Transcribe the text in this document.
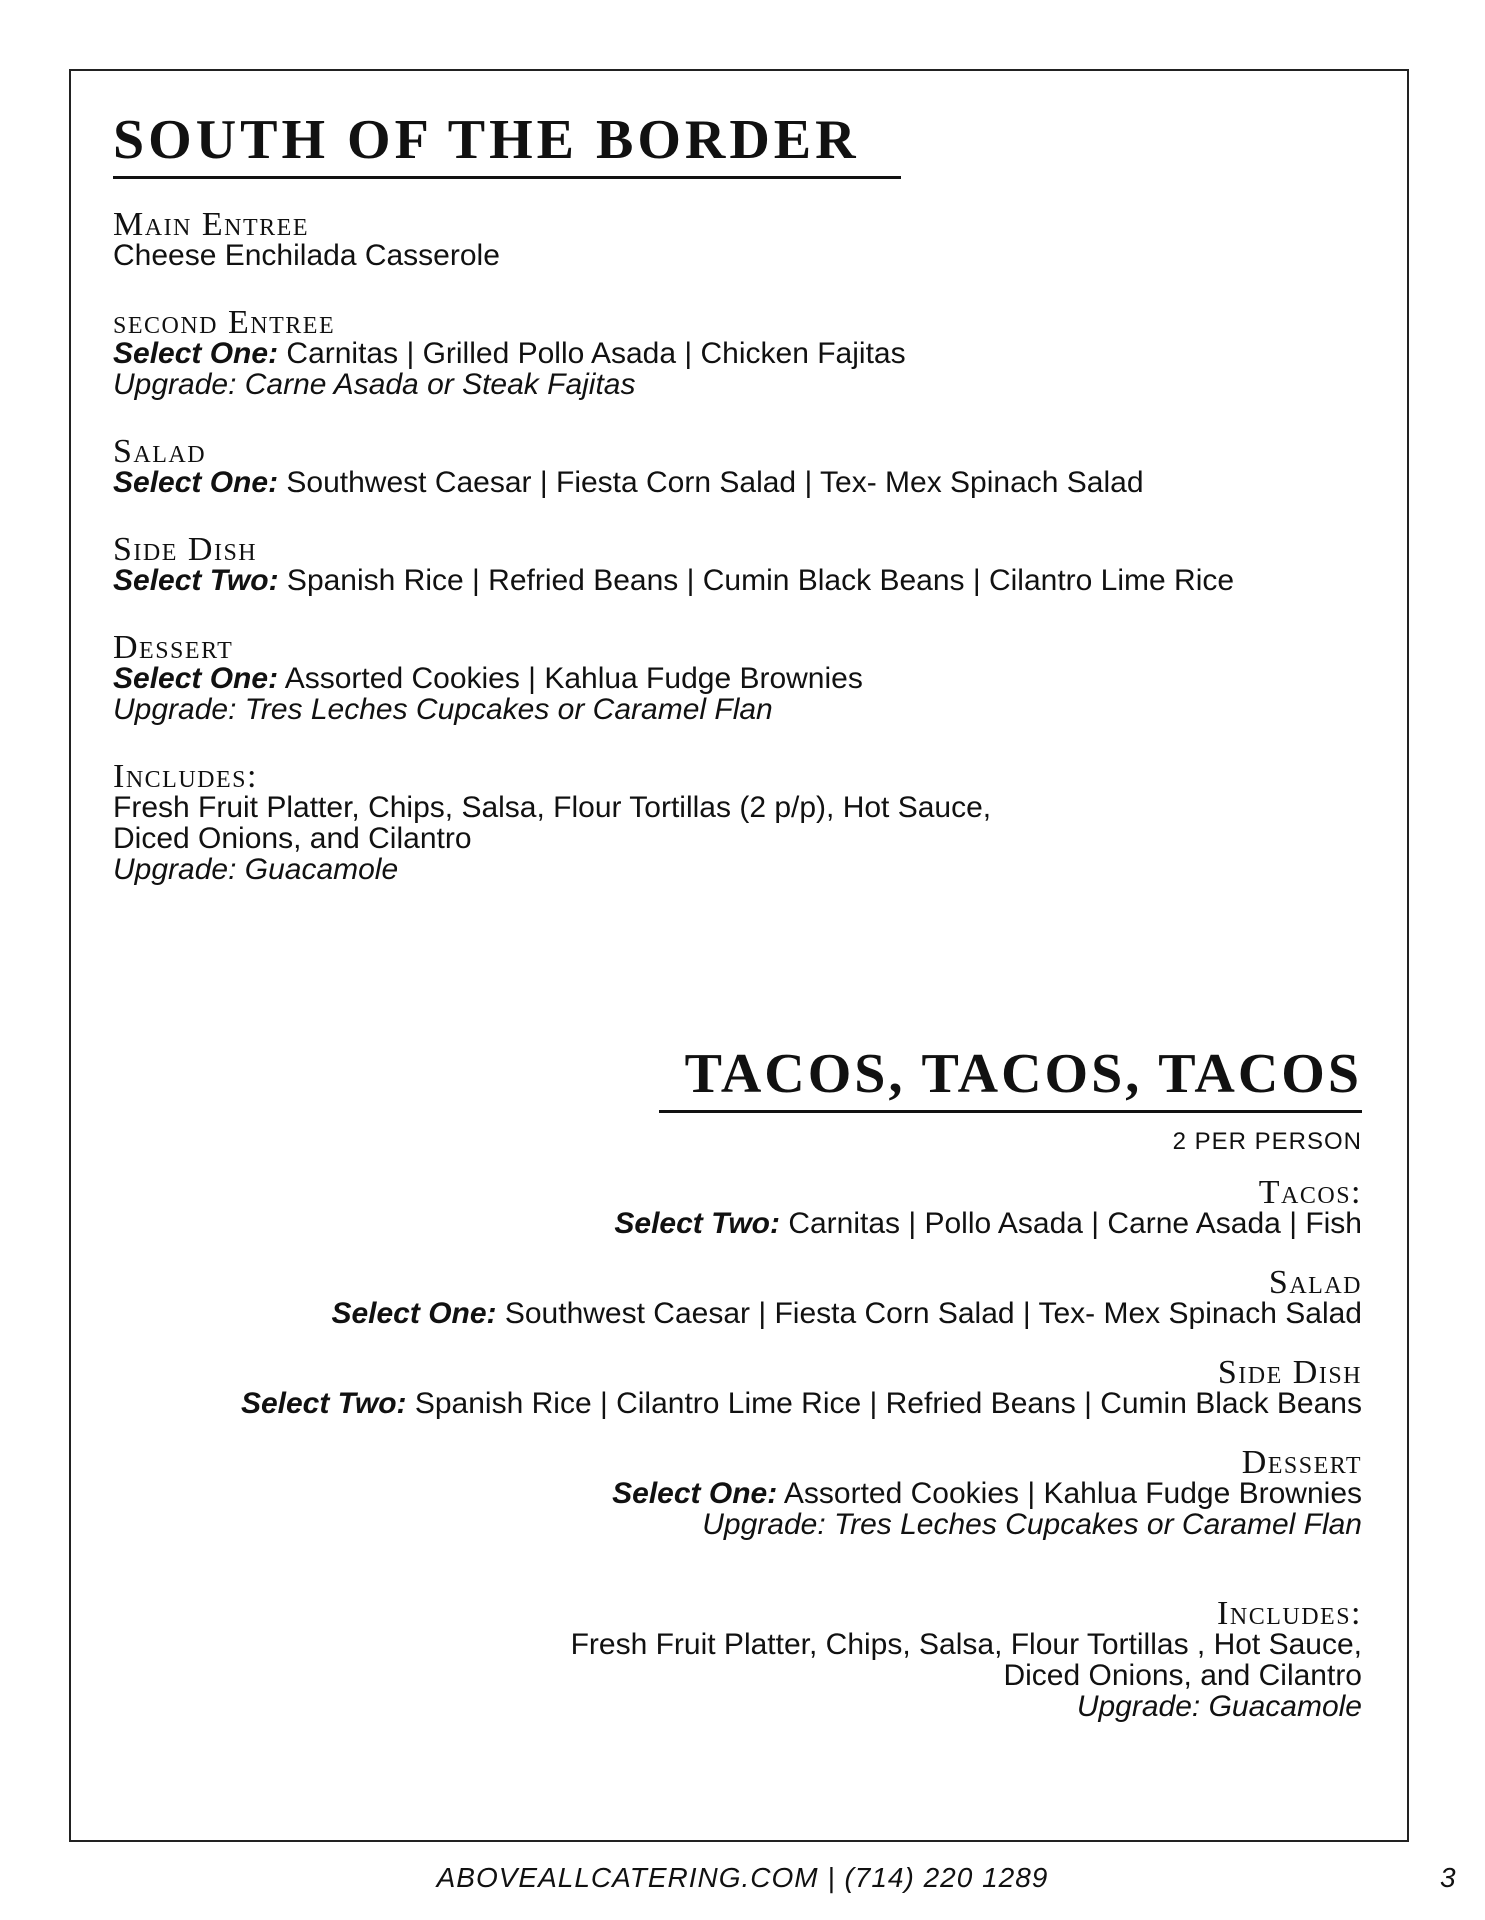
SOUTH OF THE BORDER
Main Entree
Cheese Enchilada Casserole
second Entree
Select One: Carnitas | Grilled Pollo Asada | Chicken Fajitas
Upgrade: Carne Asada or Steak Fajitas
Salad
Select One: Southwest Caesar | Fiesta Corn Salad | Tex- Mex Spinach Salad
Side Dish
Select Two: Spanish Rice | Refried Beans | Cumin Black Beans | Cilantro Lime Rice
Dessert
Select One: Assorted Cookies | Kahlua Fudge Brownies
Upgrade: Tres Leches Cupcakes or Caramel Flan
Includes:
Fresh Fruit Platter, Chips, Salsa, Flour Tortillas (2 p/p), Hot Sauce,
Diced Onions, and Cilantro
Upgrade: Guacamole
TACOS, TACOS, TACOS
2 PER PERSON
Tacos:
Select Two: Carnitas | Pollo Asada | Carne Asada | Fish
Salad
Select One: Southwest Caesar | Fiesta Corn Salad | Tex- Mex Spinach Salad
Side Dish
Select Two: Spanish Rice | Cilantro Lime Rice | Refried Beans | Cumin Black Beans
Dessert
Select One: Assorted Cookies | Kahlua Fudge Brownies
Upgrade: Tres Leches Cupcakes or Caramel Flan
Includes:
Fresh Fruit Platter, Chips, Salsa, Flour Tortillas , Hot Sauce,
Diced Onions, and Cilantro
Upgrade: Guacamole
ABOVEALLCATERING.COM | (714) 220 1289	3
